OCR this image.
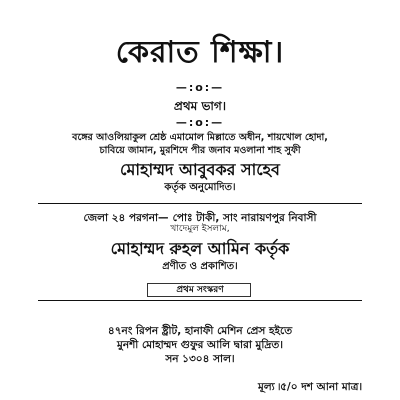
কেরাত শিক্ষা।
—:o:—
প্রথম ভাগ।
—:o:—
বঙ্গের আওলিয়াকুল শ্রেষ্ঠ এমামোল মিল্লাতে অধীন, শায়খোল হোদা,
চাবিয়ে জামান, মুরশিদে পীর জনাব মওলানা শাহ সুফী
মোহাম্মদ আবুবকর সাহেব
কর্তৃক অনুমোদিত।
জেলা ২৪ পরগনা— পোঃ টাকী, সাং নারায়ণপুর নিবাসী
খাদেমুল ইসলাম,
মোহাম্মদ রুহল আমিন কর্তৃক
প্রণীত ও প্রকাশিত।
প্রথম সংস্করণ
৪৭নং রিপন ষ্ট্রীট, হানাফী মেশিন প্রেস হইতে
মুনশী মোহাম্মদ গুফুর আলি দ্বারা মুদ্রিত।
সন ১৩০৪ সাল।
মূল্য ৷৫/০ দশ আনা মাত্র।
